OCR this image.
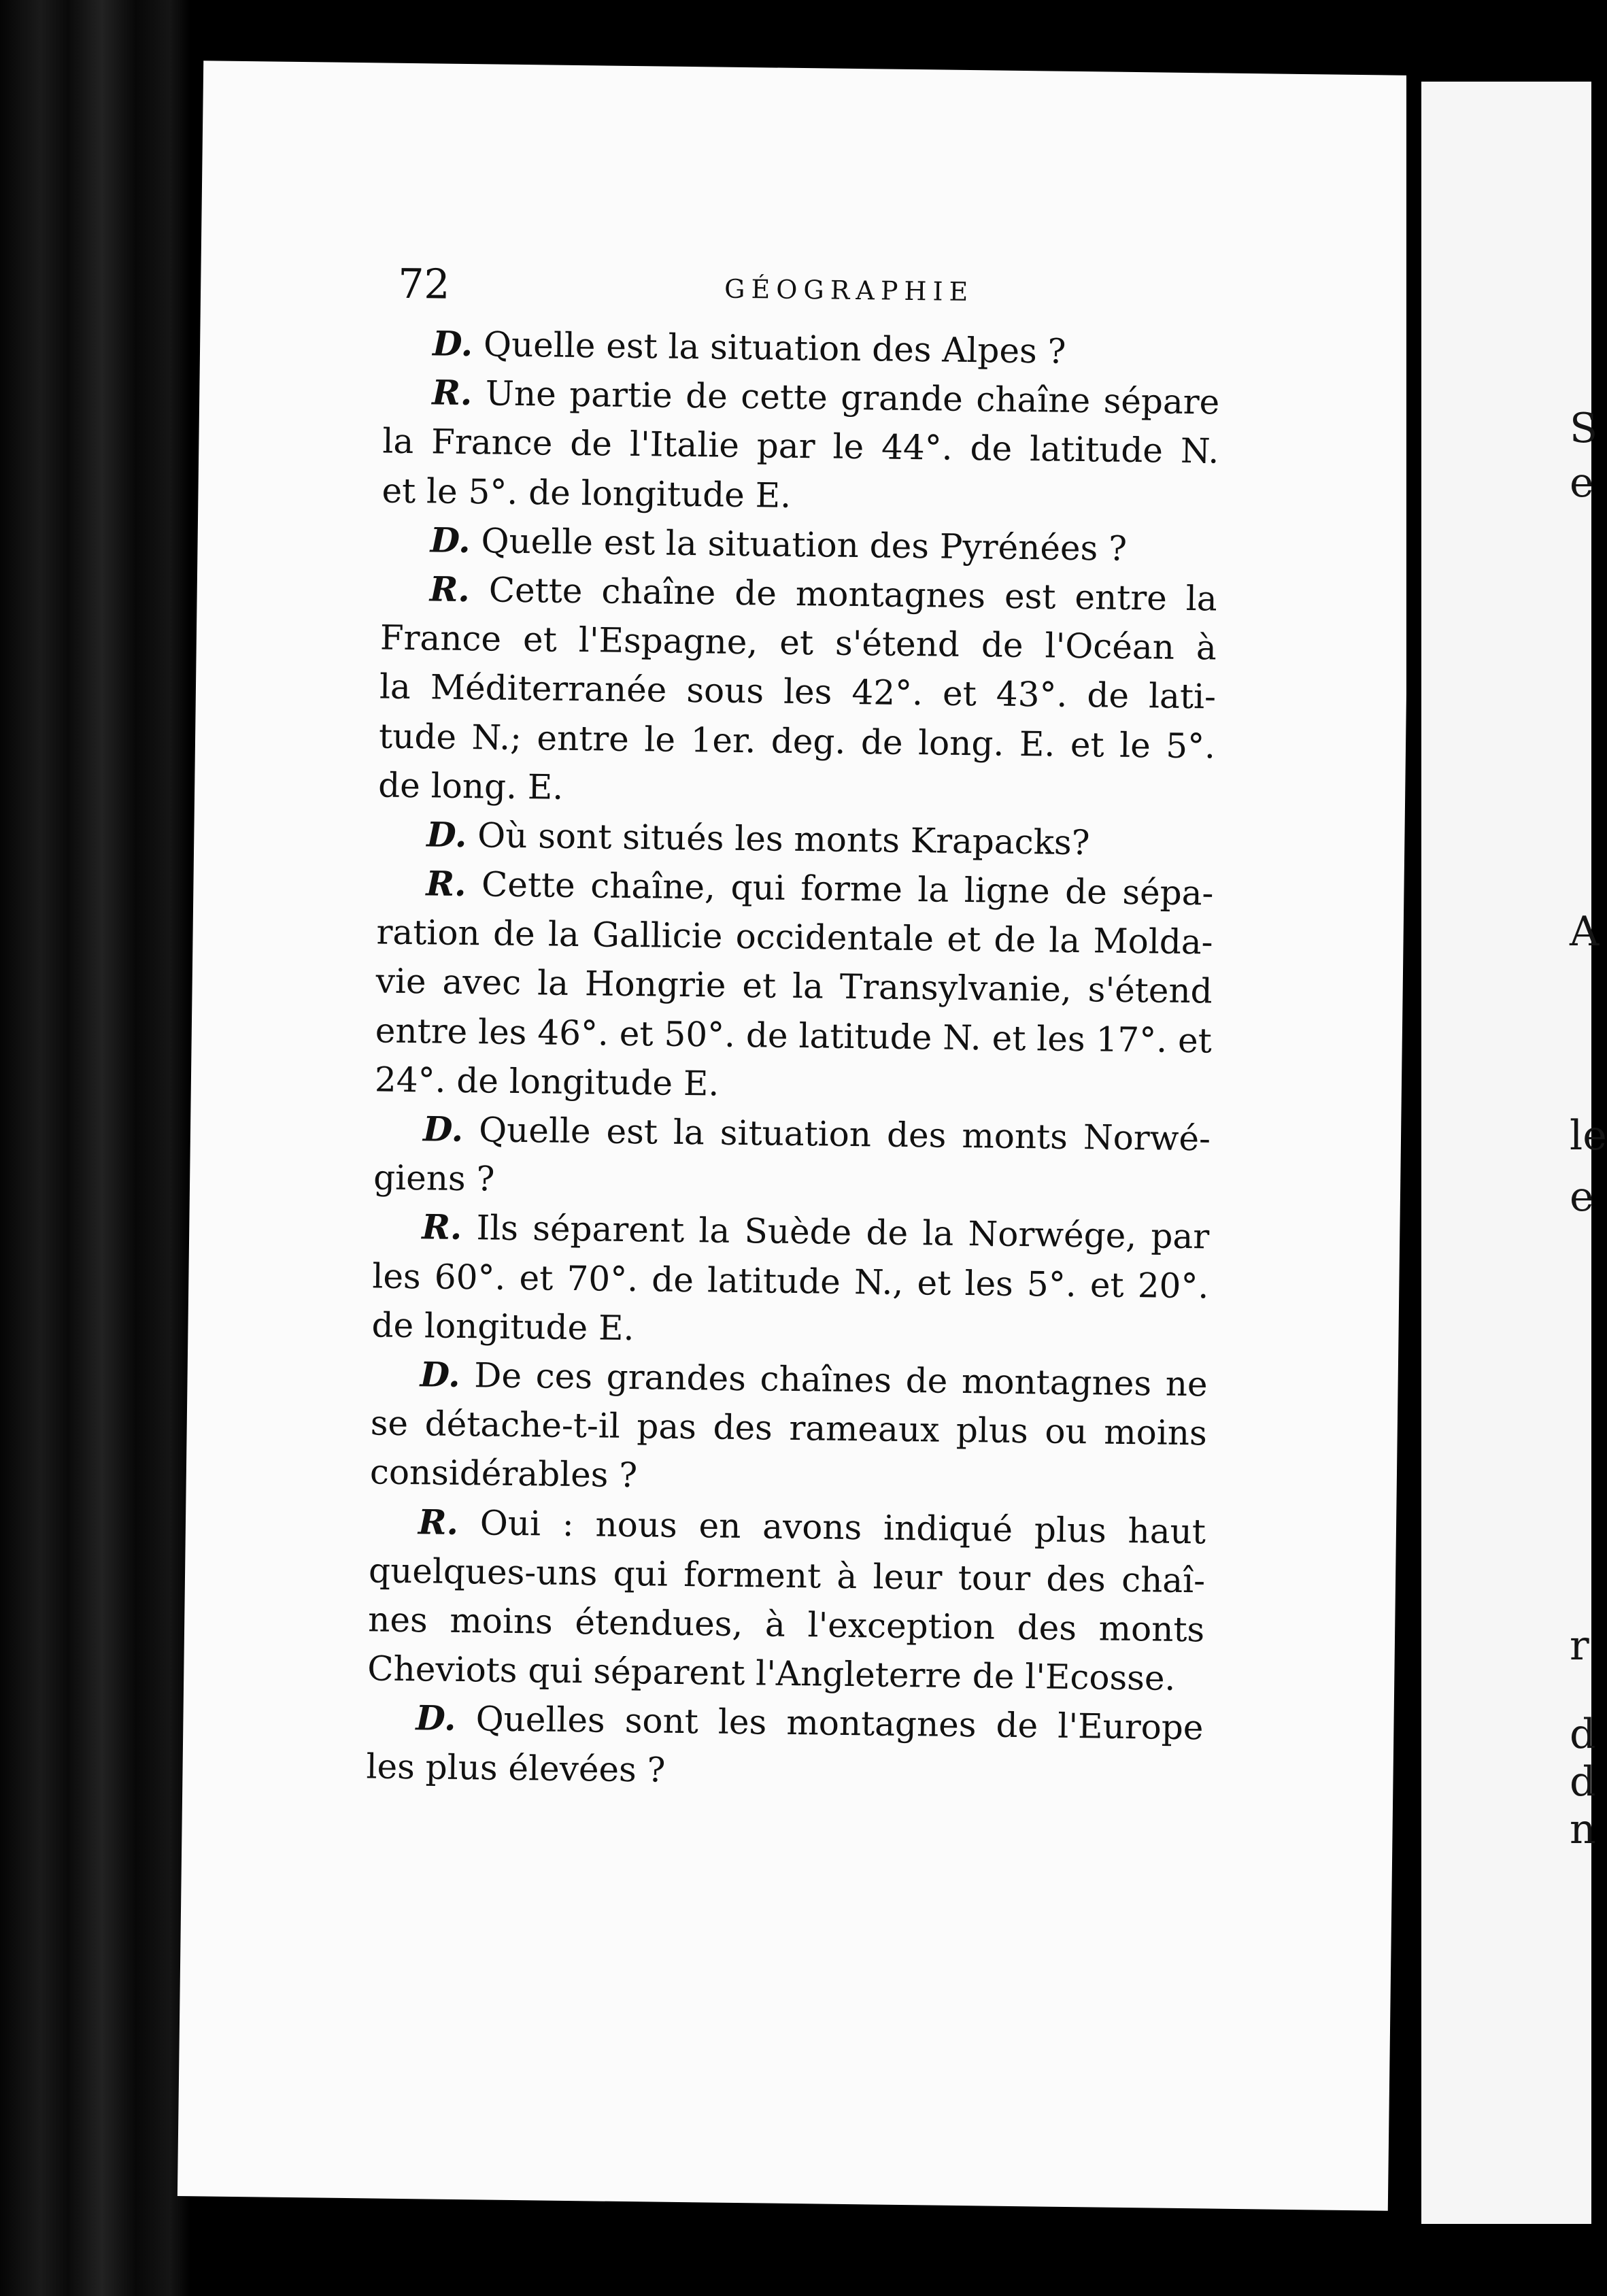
72	GÉOGRAPHIE

D. Quelle est la situation des Alpes ?

R. Une partie de cette grande chaîne sépare

la France de l'Italie par le 44°. de latitude N.

et le 5°. de longitude E.

D. Quelle est la situation des Pyrénées ?

R. Cette chaîne de montagnes est entre la

France et l'Espagne, et s'étend de l'Océan à

la Méditerranée sous les 42°. et 43°. de lati-

tude N.; entre le 1er. deg. de long. E. et le 5°.

de long. E.

D. Où sont situés les monts Krapacks?

R. Cette chaîne, qui forme la ligne de sépa-

ration de la Gallicie occidentale et de la Molda-

vie avec la Hongrie et la Transylvanie, s'étend

entre les 46°. et 50°. de latitude N. et les 17°. et

24°. de longitude E.

D. Quelle est la situation des monts Norwé-

giens ?

R. Ils séparent la Suède de la Norwége, par

les 60°. et 70°. de latitude N., et les 5°. et 20°.

de longitude E.

D. De ces grandes chaînes de montagnes ne

se détache-t-il pas des rameaux plus ou moins

considérables ?

R. Oui : nous en avons indiqué plus haut

quelques-uns qui forment à leur tour des chaî-

nes moins étendues, à l'exception des monts

Cheviots qui séparent l'Angleterre de l'Ecosse.

D. Quelles sont les montagnes de l'Europe

les plus élevées ?

S
e
A
le
e
r
d
d
n
